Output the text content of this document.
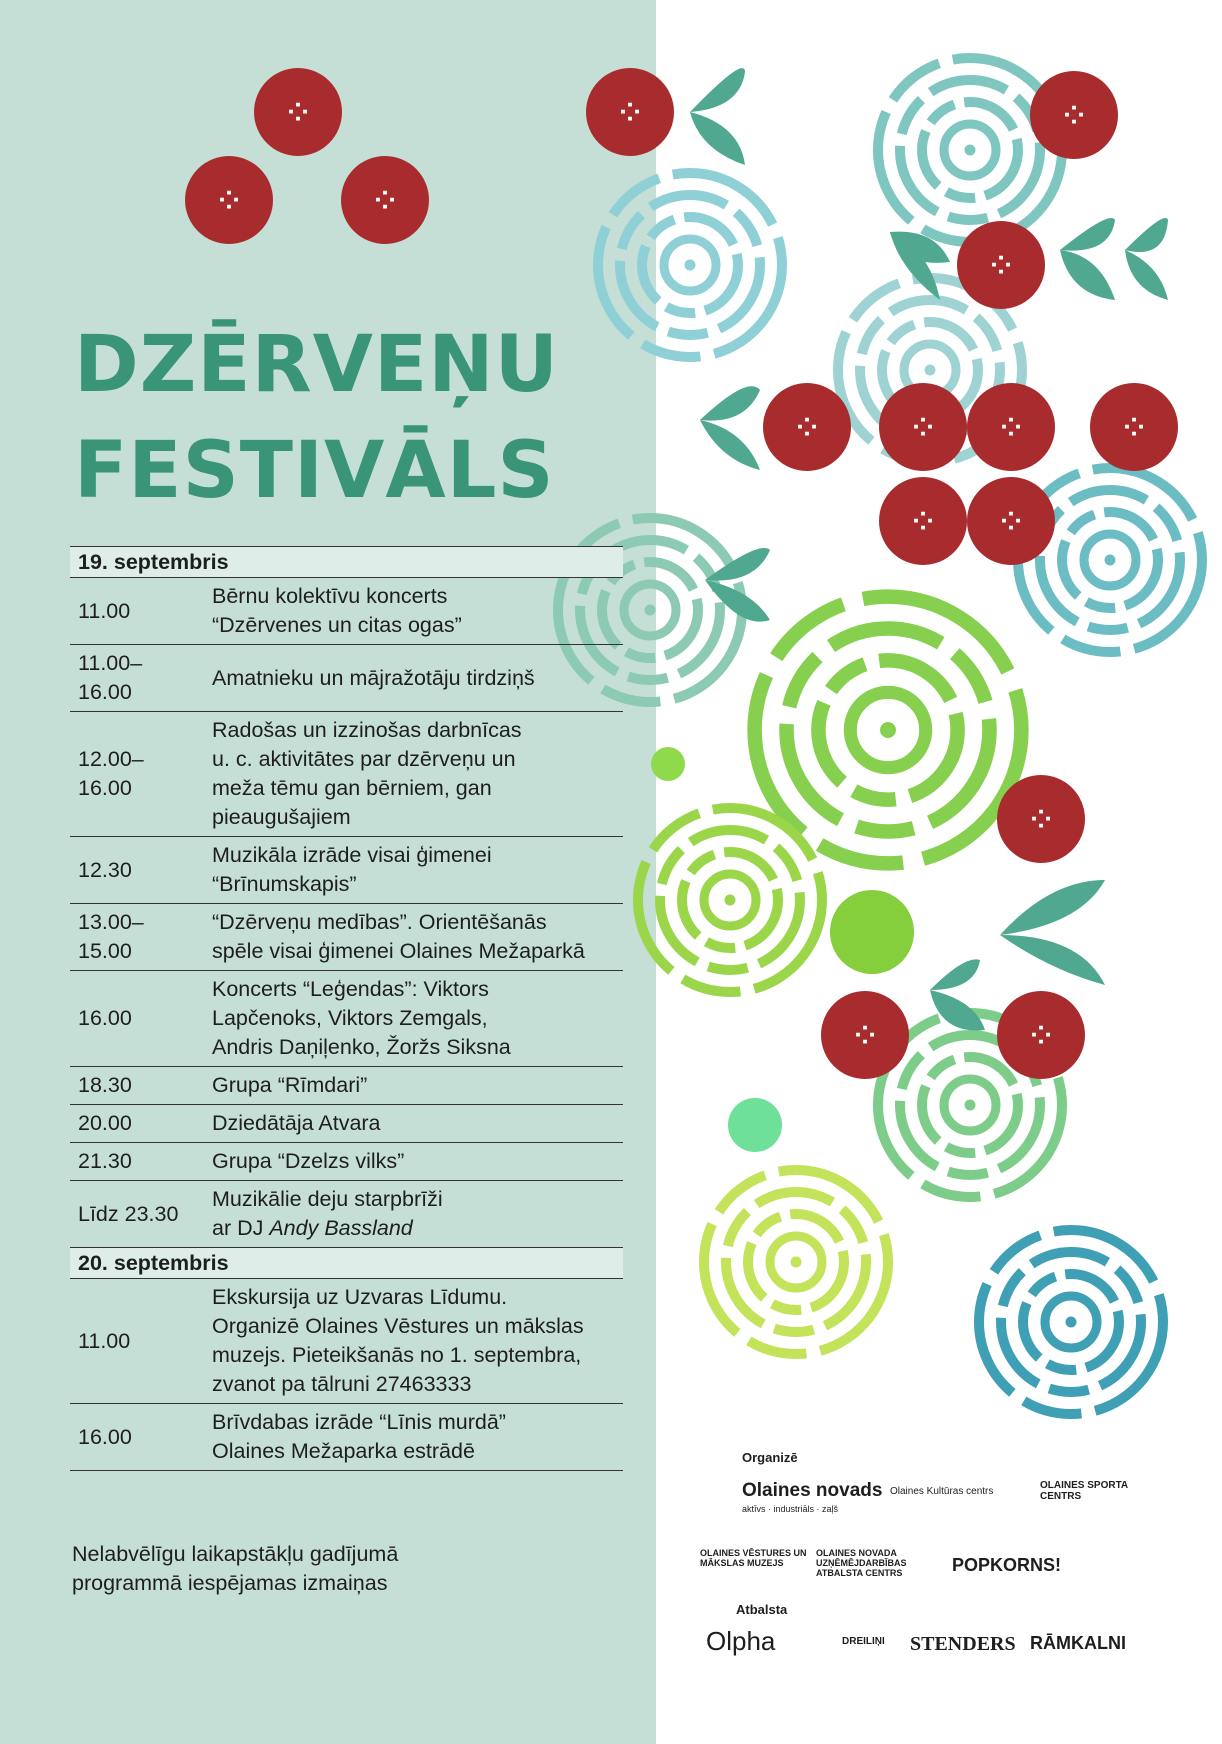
⁘
⁘	⁘
⁘	⁘
⁘
⁘	⁘	⁘	⁘
⁘	⁘
⁘
⁘	⁘
DZĒRVEŅU
FESTIVĀLS
19. septembris	
11.00	Bērnu kolektīvu koncerts
“Dzērvenes un citas ogas”
11.00–
16.00	Amatnieku un mājražotāju tirdziņš
12.00–
16.00	Radošas un izzinošas darbnīcas
u. c. aktivitātes par dzērveņu un
meža tēmu gan bērniem, gan
pieaugušajiem
12.30	Muzikāla izrāde visai ģimenei
“Brīnumskapis”
13.00–
15.00	“Dzērveņu medības”. Orientēšanās
spēle visai ģimenei Olaines Mežaparkā
16.00	Koncerts “Leģendas”: Viktors
Lapčenoks, Viktors Zemgals,
Andris Daņiļenko, Žoržs Siksna
18.30	Grupa “Rīmdari”
20.00	Dziedātāja Atvara
21.30	Grupa “Dzelzs vilks”
Līdz 23.30	Muzikālie deju starpbrīži
ar DJ Andy Bassland
20. septembris	
11.00	Ekskursija uz Uzvaras Līdumu.
Organizē Olaines Vēstures un mākslas
muzejs. Pieteikšanās no 1. septembra,
zvanot pa tālruni 27463333
16.00	Brīvdabas izrāde “Līnis murdā”
Olaines Mežaparka estrādē
Nelabvēlīgu laikapstākļu gadījumā
programmā iespējamas izmaiņas
Organizē
Olaines novads
aktīvs · industriāls · zaļš
Olaines Kultūras centrs
OLAINES SPORTA CENTRS
OLAINES VĒSTURES UN MĀKSLAS MUZEJS
OLAINES NOVADA UZŅĒMĒJDARBĪBAS ATBALSTA CENTRS	POPKORNS!
Atbalsta
Olpha	DREILIŅI STENDERS RĀMKALNI
